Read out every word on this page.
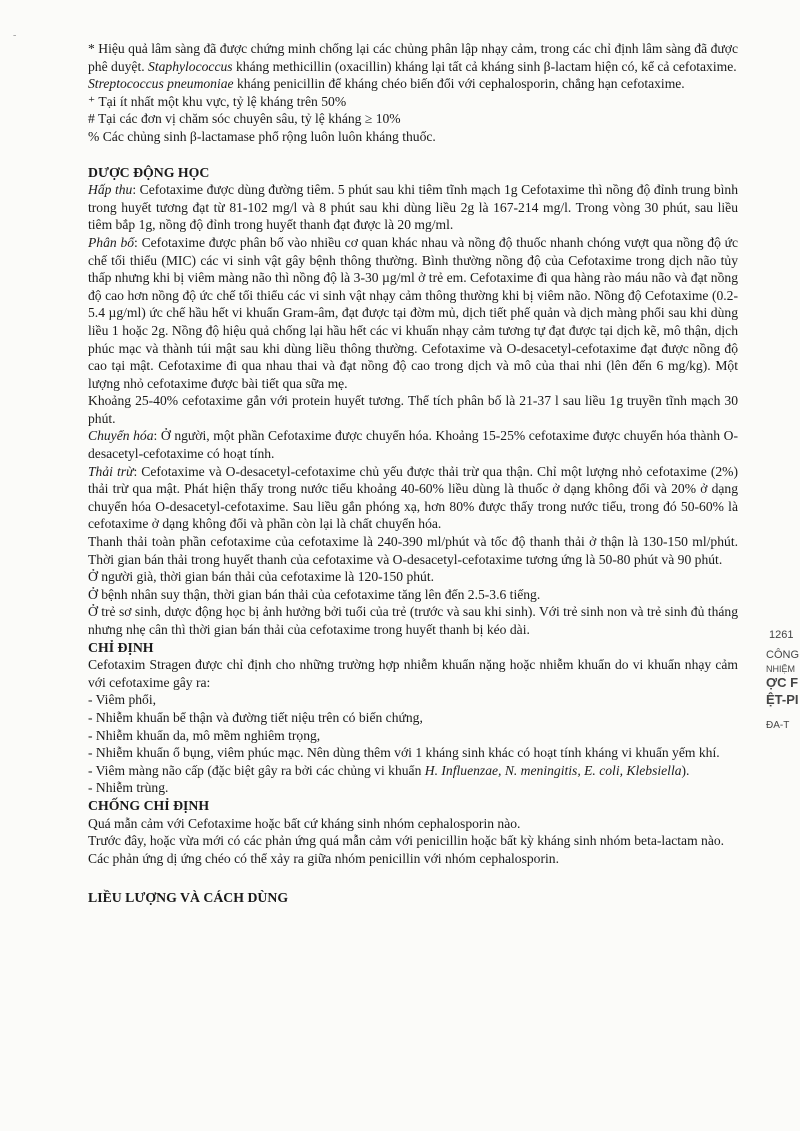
-

* Hiệu quả lâm sàng đã được chứng minh chống lại các chủng phân lập nhạy cảm, trong các chỉ định lâm sàng đã được phê duyệt. Staphylococcus kháng methicillin (oxacillin) kháng lại tất cả kháng sinh β-lactam hiện có, kể cả cefotaxime.

Streptococcus pneumoniae kháng penicillin để kháng chéo biến đổi với cephalosporin, chẳng hạn cefotaxime.

⁺ Tại ít nhất một khu vực, tỷ lệ kháng trên 50%

# Tại các đơn vị chăm sóc chuyên sâu, tỷ lệ kháng ≥ 10%

% Các chủng sinh β-lactamase phổ rộng luôn luôn kháng thuốc.

DƯỢC ĐỘNG HỌC

Hấp thu: Cefotaxime được dùng đường tiêm. 5 phút sau khi tiêm tĩnh mạch 1g Cefotaxime thì nồng độ đỉnh trung bình trong huyết tương đạt từ 81-102 mg/l và 8 phút sau khi dùng liều 2g là 167-214 mg/l. Trong vòng 30 phút, sau liều tiêm bắp 1g, nồng độ đỉnh trong huyết thanh đạt được là 20 mg/ml.

Phân bố: Cefotaxime được phân bố vào nhiều cơ quan khác nhau và nồng độ thuốc nhanh chóng vượt qua nồng độ ức chế tối thiểu (MIC) các vi sinh vật gây bệnh thông thường. Bình thường nồng độ của Cefotaxime trong dịch não tủy thấp nhưng khi bị viêm màng não thì nồng độ là 3-30 µg/ml ở trẻ em. Cefotaxime đi qua hàng rào máu não và đạt nồng độ cao hơn nồng độ ức chế tối thiểu các vi sinh vật nhạy cảm thông thường khi bị viêm não. Nồng độ Cefotaxime (0.2-5.4 µg/ml) ức chế hầu hết vi khuẩn Gram-âm, đạt được tại đờm mủ, dịch tiết phế quản và dịch màng phổi sau khi dùng liều 1 hoặc 2g. Nồng độ hiệu quả chống lại hầu hết các vi khuẩn nhạy cảm tương tự đạt được tại dịch kẽ, mô thận, dịch phúc mạc và thành túi mật sau khi dùng liều thông thường. Cefotaxime và O-desacetyl-cefotaxime đạt được nồng độ cao tại mật. Cefotaxime đi qua nhau thai và đạt nồng độ cao trong dịch và mô của thai nhi (lên đến 6 mg/kg). Một lượng nhỏ cefotaxime được bài tiết qua sữa mẹ.

Khoảng 25-40% cefotaxime gắn với protein huyết tương. Thể tích phân bố là 21-37 l sau liều 1g truyền tĩnh mạch 30 phút.

Chuyển hóa: Ở người, một phần Cefotaxime được chuyển hóa. Khoảng 15-25% cefotaxime được chuyển hóa thành O-desacetyl-cefotaxime có hoạt tính.

Thải trừ: Cefotaxime và O-desacetyl-cefotaxime chủ yếu được thải trừ qua thận. Chỉ một lượng nhỏ cefotaxime (2%) thải trừ qua mật. Phát hiện thấy trong nước tiểu khoảng 40-60% liều dùng là thuốc ở dạng không đổi và 20% ở dạng chuyển hóa O-desacetyl-cefotaxime. Sau liều gắn phóng xạ, hơn 80% được thấy trong nước tiểu, trong đó 50-60% là cefotaxime ở dạng không đổi và phần còn lại là chất chuyển hóa.

Thanh thải toàn phần cefotaxime của cefotaxime là 240-390 ml/phút và tốc độ thanh thải ở thận là 130-150 ml/phút. Thời gian bán thải trong huyết thanh của cefotaxime và O-desacetyl-cefotaxime tương ứng là 50-80 phút và 90 phút.

Ở người già, thời gian bán thải của cefotaxime là 120-150 phút.

Ở bệnh nhân suy thận, thời gian bán thải của cefotaxime tăng lên đến 2.5-3.6 tiếng.

Ở trẻ sơ sinh, dược động học bị ảnh hưởng bởi tuổi của trẻ (trước và sau khi sinh). Với trẻ sinh non và trẻ sinh đủ tháng nhưng nhẹ cân thì thời gian bán thải của cefotaxime trong huyết thanh bị kéo dài.

CHỈ ĐỊNH

Cefotaxim Stragen được chỉ định cho những trường hợp nhiễm khuẩn nặng hoặc nhiễm khuẩn do vi khuẩn nhạy cảm với cefotaxime gây ra:

- Viêm phổi,

- Nhiễm khuẩn bể thận và đường tiết niệu trên có biến chứng,

- Nhiễm khuẩn da, mô mềm nghiêm trọng,

- Nhiễm khuẩn ổ bụng, viêm phúc mạc. Nên dùng thêm với 1 kháng sinh khác có hoạt tính kháng vi khuẩn yếm khí.

- Viêm màng não cấp (đặc biệt gây ra bởi các chủng vi khuẩn H. Influenzae, N. meningitis, E. coli, Klebsiella).

- Nhiễm trùng.

CHỐNG CHỈ ĐỊNH

Quá mẫn cảm với Cefotaxime hoặc bất cứ kháng sinh nhóm cephalosporin nào.

Trước đây, hoặc vừa mới có các phản ứng quá mẫn cảm với penicillin hoặc bất kỳ kháng sinh nhóm beta-lactam nào.

Các phản ứng dị ứng chéo có thể xảy ra giữa nhóm penicillin với nhóm cephalosporin.

LIỀU LƯỢNG VÀ CÁCH DÙNG

1261
CÔNG
NHIỆM
ỢC F
ỆT-PI
ĐA-T
